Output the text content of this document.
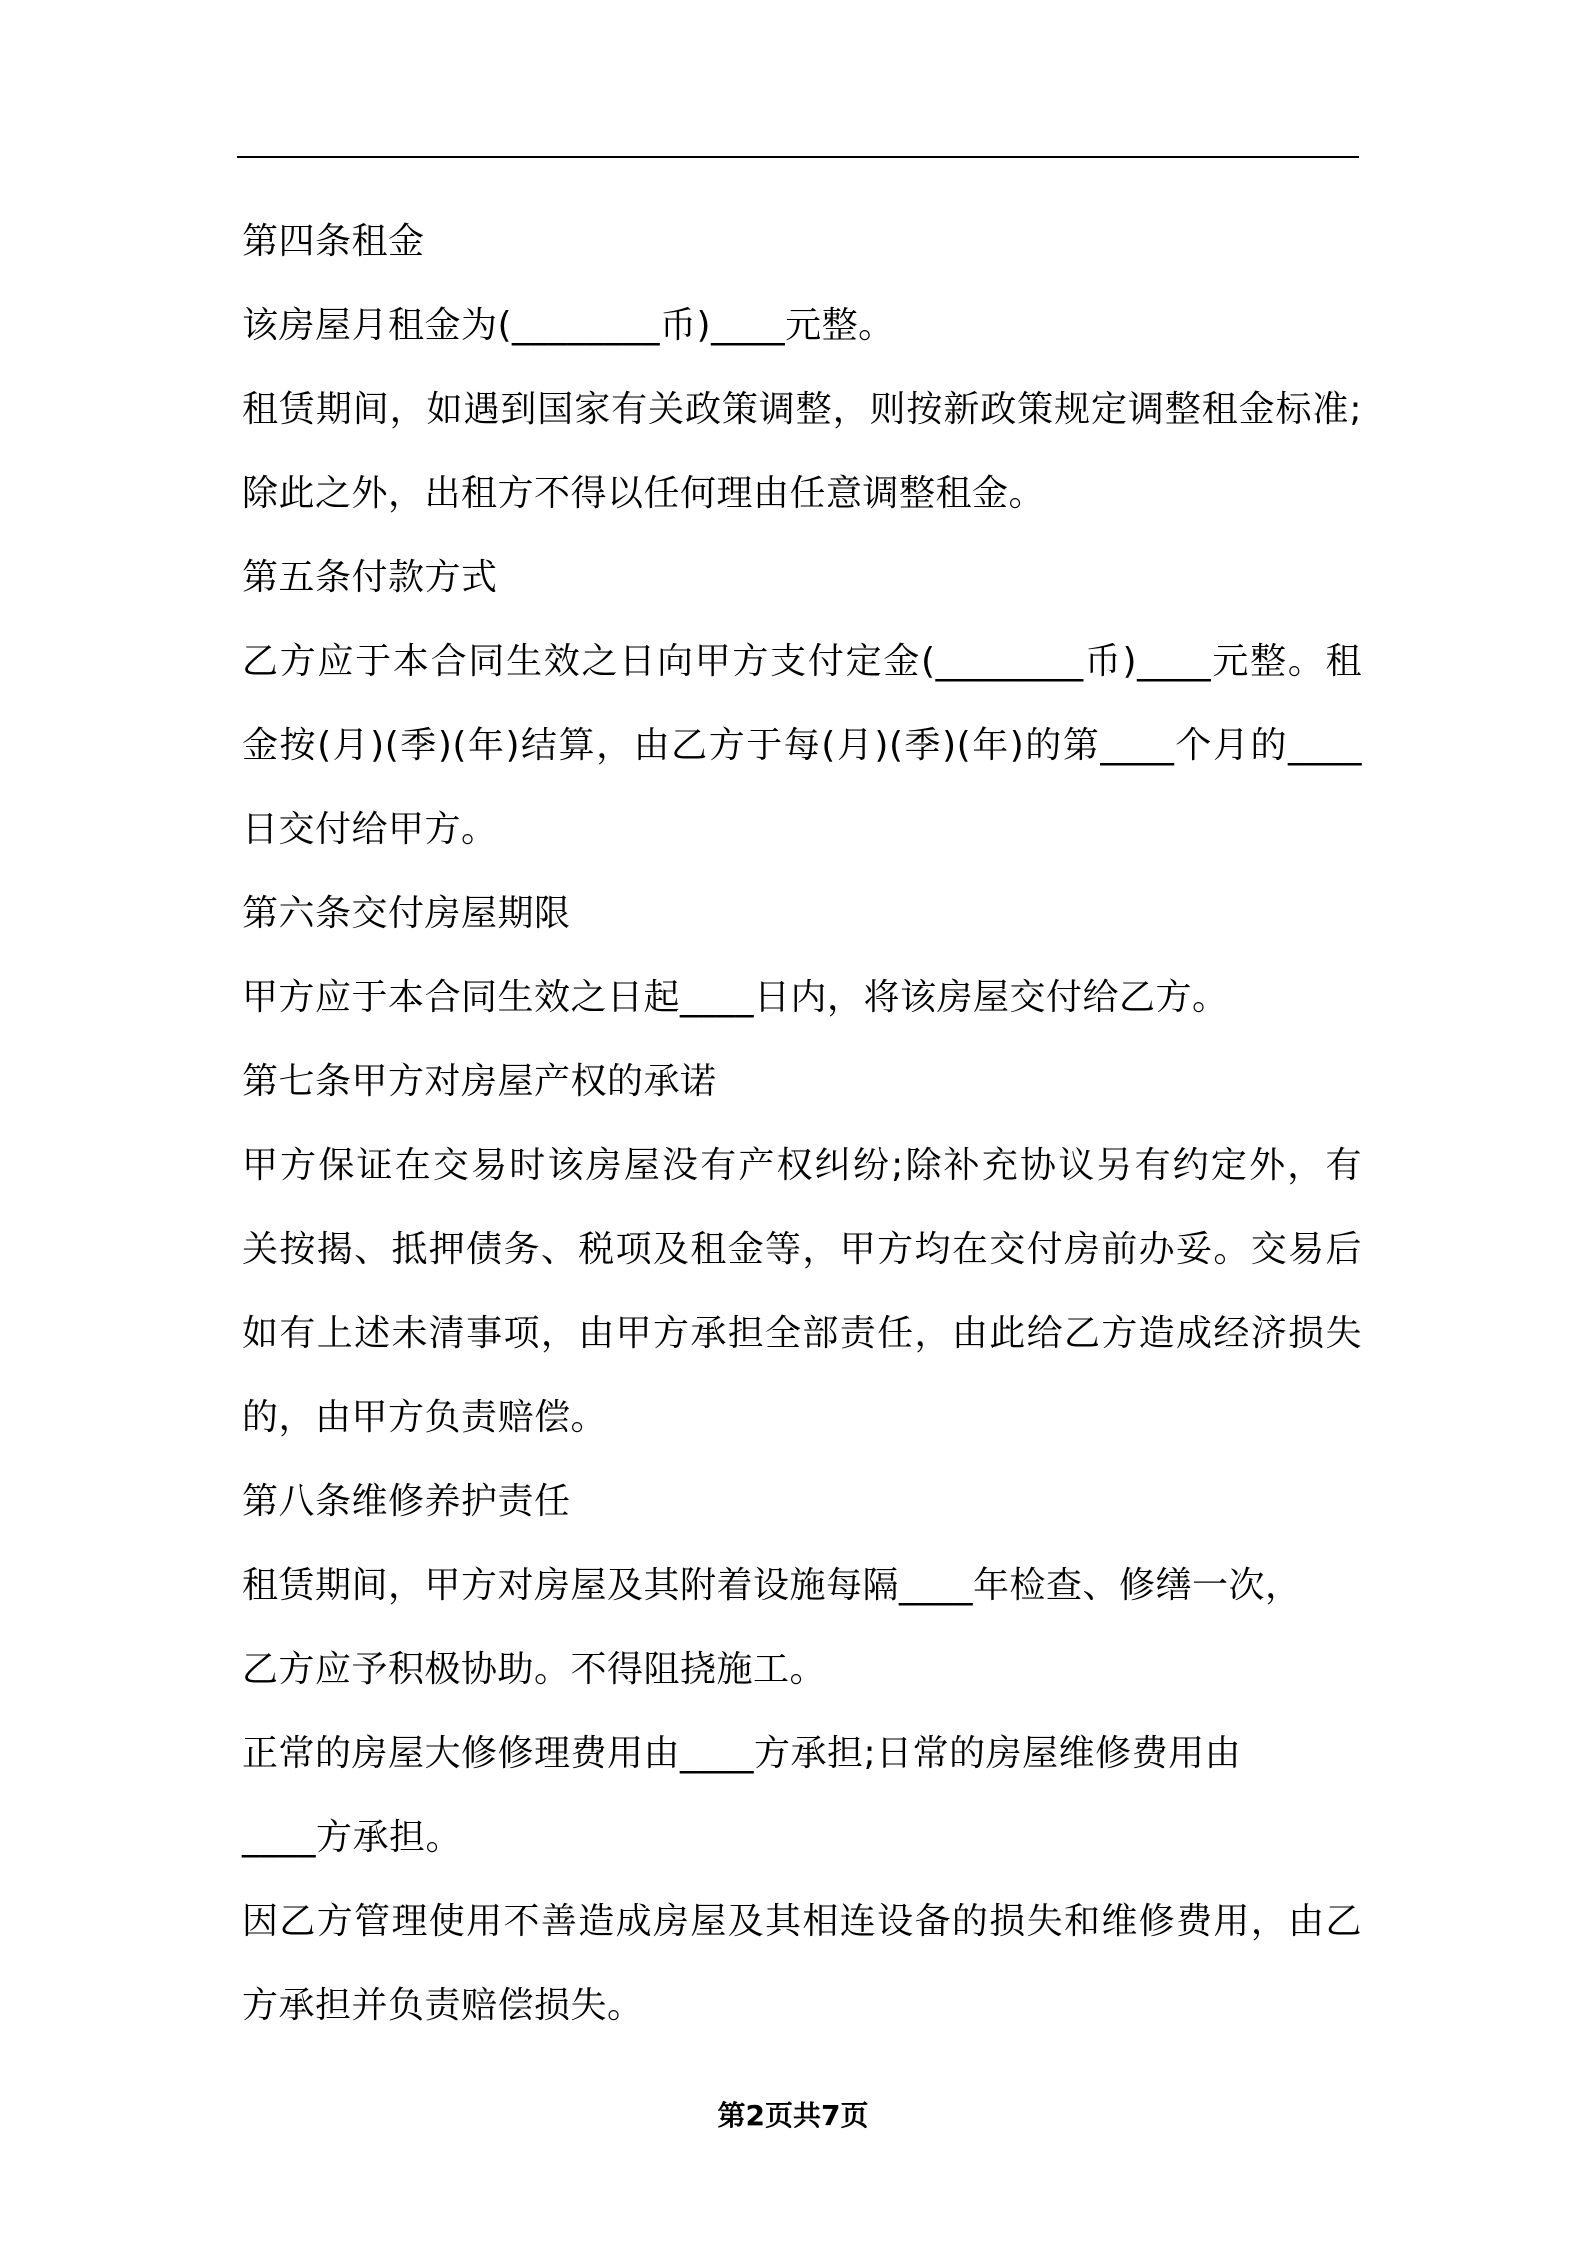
第四条租金
该房屋月租金为(________币)____元整。
租赁期间，如遇到国家有关政策调整，则按新政策规定调整租金标准;
除此之外，出租方不得以任何理由任意调整租金。
第五条付款方式
乙方应于本合同生效之日向甲方支付定金(________币)____元整。租
金按(月)(季)(年)结算，由乙方于每(月)(季)(年)的第____个月的____
日交付给甲方。
第六条交付房屋期限
甲方应于本合同生效之日起____日内，将该房屋交付给乙方。
第七条甲方对房屋产权的承诺
甲方保证在交易时该房屋没有产权纠纷;除补充协议另有约定外，有
关按揭、抵押债务、税项及租金等，甲方均在交付房前办妥。交易后
如有上述未清事项，由甲方承担全部责任，由此给乙方造成经济损失
的，由甲方负责赔偿。
第八条维修养护责任
租赁期间，甲方对房屋及其附着设施每隔____年检查、修缮一次，
乙方应予积极协助。不得阻挠施工。
正常的房屋大修修理费用由____方承担;日常的房屋维修费用由
____方承担。
因乙方管理使用不善造成房屋及其相连设备的损失和维修费用，由乙
方承担并负责赔偿损失。
第2页共7页
